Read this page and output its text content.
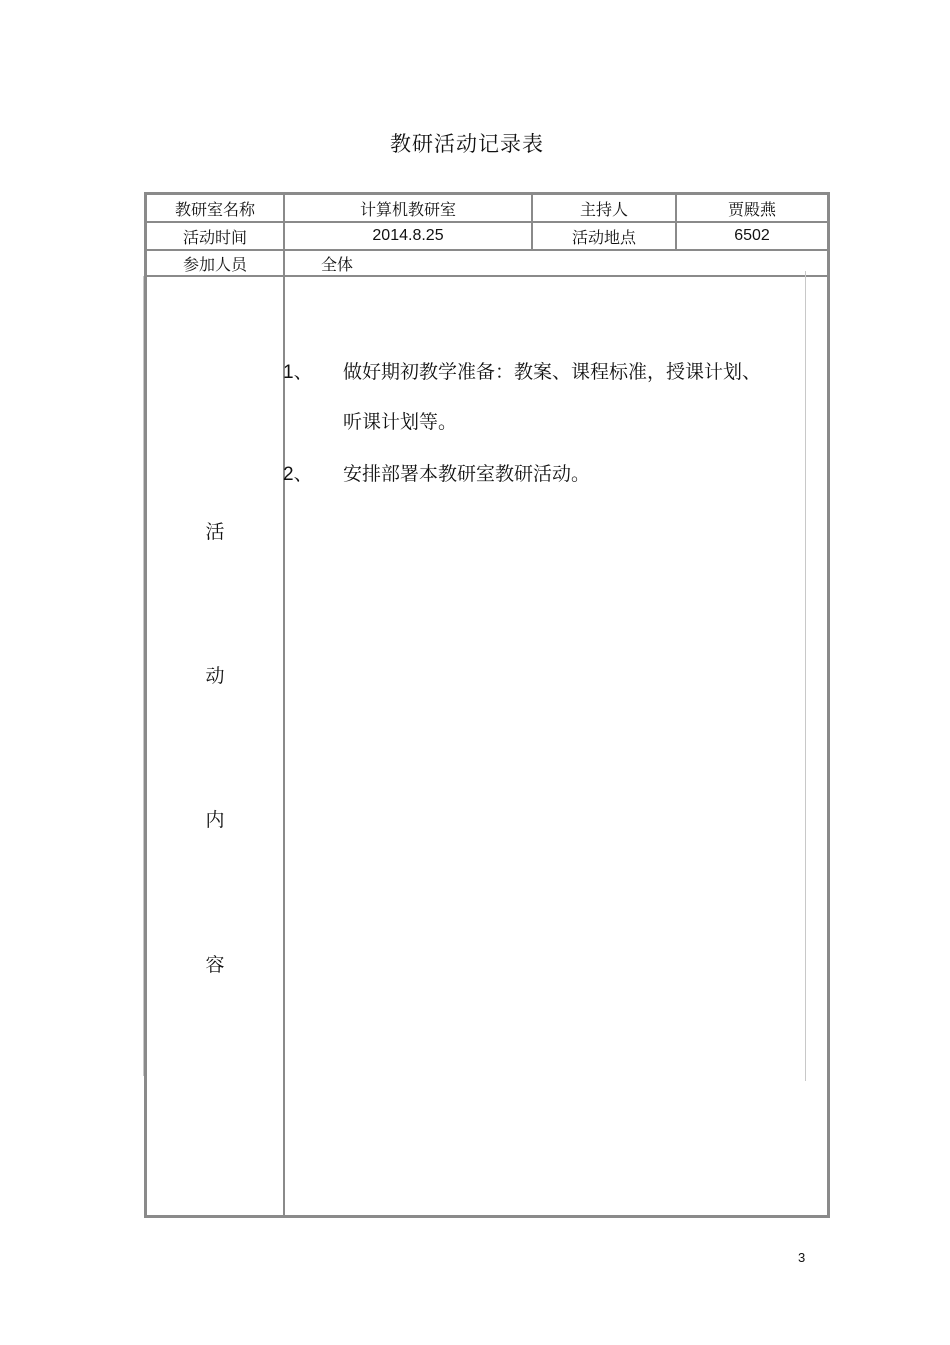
教研活动记录表
教研室名称	计算机教研室	主持人	贾殿燕
活动时间	2014.8.25	活动地点	6502
参加人员	全体
活
动
内
容
1、 做好期初教学准备：教案、课程标准，授课计划、
听课计划等。
2、 安排部署本教研室教研活动。
3
